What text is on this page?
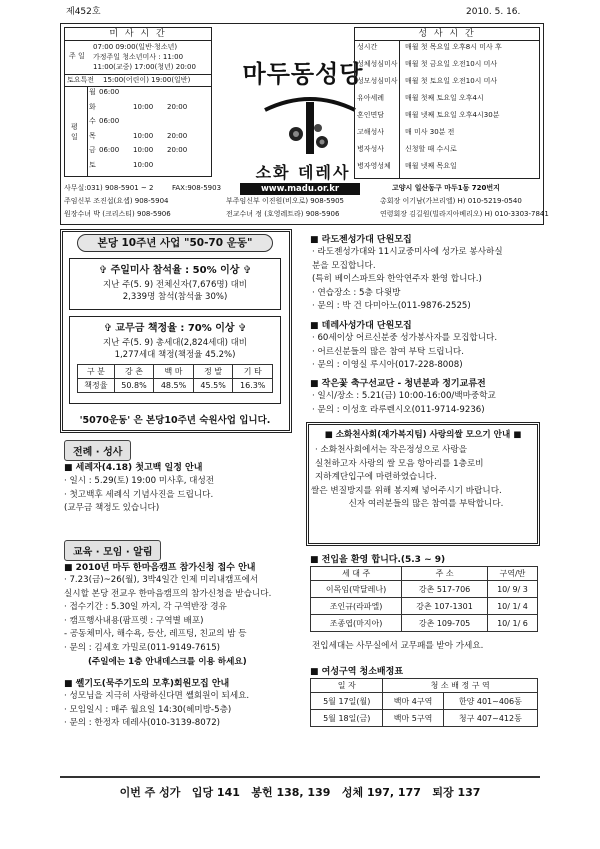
제452호	2010. 5. 16.
미 사 시 간
주 일
07:00 09:00(일반·청소년)
가정주일 청소년미사 : 11:00
11:00(교중) 17:00(청년) 20:00
토요특전 15:00(어린이) 19:00(일반)
평 일
월 06:00
화	10:00 20:00
수 06:00
목	10:00 20:00
금 06:00 10:00 20:00
토	10:00
마두동성당
소화 데레사
www.madu.or.kr
성 사 시 간
성시간	매월 첫 목요일 오후8시 미사 후
성체성심미사 매월 첫 금요일 오전10시 미사
성모성심미사 매월 첫 토요일 오전10시 미사
유아세례	매월 첫째 토요일 오후4시
혼인면담	매월 넷째 토요일 오후4시30분
고해성사	매 미사 30분 전
병자성사	신청할 때 수시로
병자영성체 매월 넷째 목요일
사무실:031) 908-5901 ~ 2	FAX:908-5903	고양시 일산동구 마두1동 720번지
주임신부 조진섭(요셉) 908-5904	부주임신부 이진원(비오로) 908-5905	총회장 이기남(가브리엘) H) 010-5219-0540
원장수녀 박 (크리스티) 908-5906	전교수녀 정 (호영레트라) 908-5906	연령회장 김길원(빌라지아베리오) H) 010-3303-7841
본당 10주년 사업 "50-70 운동"
✞ 주일미사 참석율 : 50% 이상 ✞
지난 주(5. 9) 전체신자(7,676명) 대비
2,339명 참석(참석율 30%)
✞ 교무금 책정율 : 70% 이상 ✞
지난 주(5. 9) 총세대(2,824세대) 대비
1,277세대 책정(책정율 45.2%)
구 분	강 촌	백 마	정 발	기 타
책정율	50.8%	48.5%	45.5%	16.3%
'5070운동' 은 본당10주년 숙원사업 입니다.
전례 · 성사
■ 세례자(4.18) 첫고백 일정 안내
· 일시 : 5.29(토) 19:00 미사후, 대성전
· 첫고백후 세례식 기념사진을 드립니다.
(교무금 책정도 있습니다)
교육 · 모임 · 알림
■ 2010년 마두 한마음캠프 참가신청 접수 안내
· 7.23(금)~26(월), 3박4일간 인제 미리내캠프에서
실시할 본당 전교우 한마음캠프의 참가신청을 받습니다.
· 접수기간 : 5.30일 까지, 각 구역반장 경유
· 캠프행사내용(팜프렛 : 구역별 배포)
- 공동체미사, 해수욕, 등산, 레프팅, 친교의 밤 등
· 문의 : 김세호 가밀로(011-9149-7615)
(주일에는 1층 안내데스크를 이용 하세요)
■ 쎌기도(묵주기도의 모후)회원모집 안내
· 성모님을 지극히 사랑하신다면 쎌회원이 되세요.
· 모임일시 : 매주 월요일 14:30(헤미방-5층)
· 문의 : 한정자 데레사(010-3139-8072)
■ 라도젠성가대 단원모집
· 라도젠성가대와 11시교중미사에 성가로 봉사하실
분을 모집합니다.
(특히 베이스파트와 한악연주자 환영 합니다.)
· 연습장소 : 5층 다윗방
· 문의 : 박 건 다미아노(011-9876-2525)
■ 데레사성가대 단원모집
· 60세이상 어르신분중 성가봉사자를 모집합니다.
· 어르신분들의 많은 참여 부탁 드립니다.
· 문의 : 이영실 루시아(017-228-8008)
■ 작은꽃 축구선교단 - 청년분과 정기교류전
· 일시/장소 : 5.21(금) 10:00-16:00/백마중학교
· 문의 : 이성호 라루렌시오(011-9714-9236)
■ 소화천사회(재가복지팀) 사랑의쌀 모으기 안내 ■
· 소화천사회에서는 작은정성으로 사랑을
실천하고자 사랑의 쌀 모음 항아리를 1층로비
지하계단입구에 마련하였습니다.
쌀은 변질방지를 위해 봉지째 넣어주시기 바랍니다.
신자 여러분들의 많은 참여를 부탁합니다.
■ 전입을 환영 합니다.(5.3 ~ 9)
세 대 주	주 소	구역/반
이목임(막달레나)	강촌 517-706	10/ 9/ 3
조인규(라파엘)	강촌 107-1301	10/ 1/ 4
조종엽(마지아)	강촌 109-705	10/ 1/ 6
전입세대는 사무실에서 교무패를 받아 가세요.
■ 여성구역 청소배정표
일 자	청 소 배 정 구 역	
5월 17일(월)	백마 4구역	한양 401~406동
5월 18일(금)	백마 5구역	청구 407~412동
이번 주 성가   입당 141   봉헌 138, 139   성체 197, 177   퇴장 137
